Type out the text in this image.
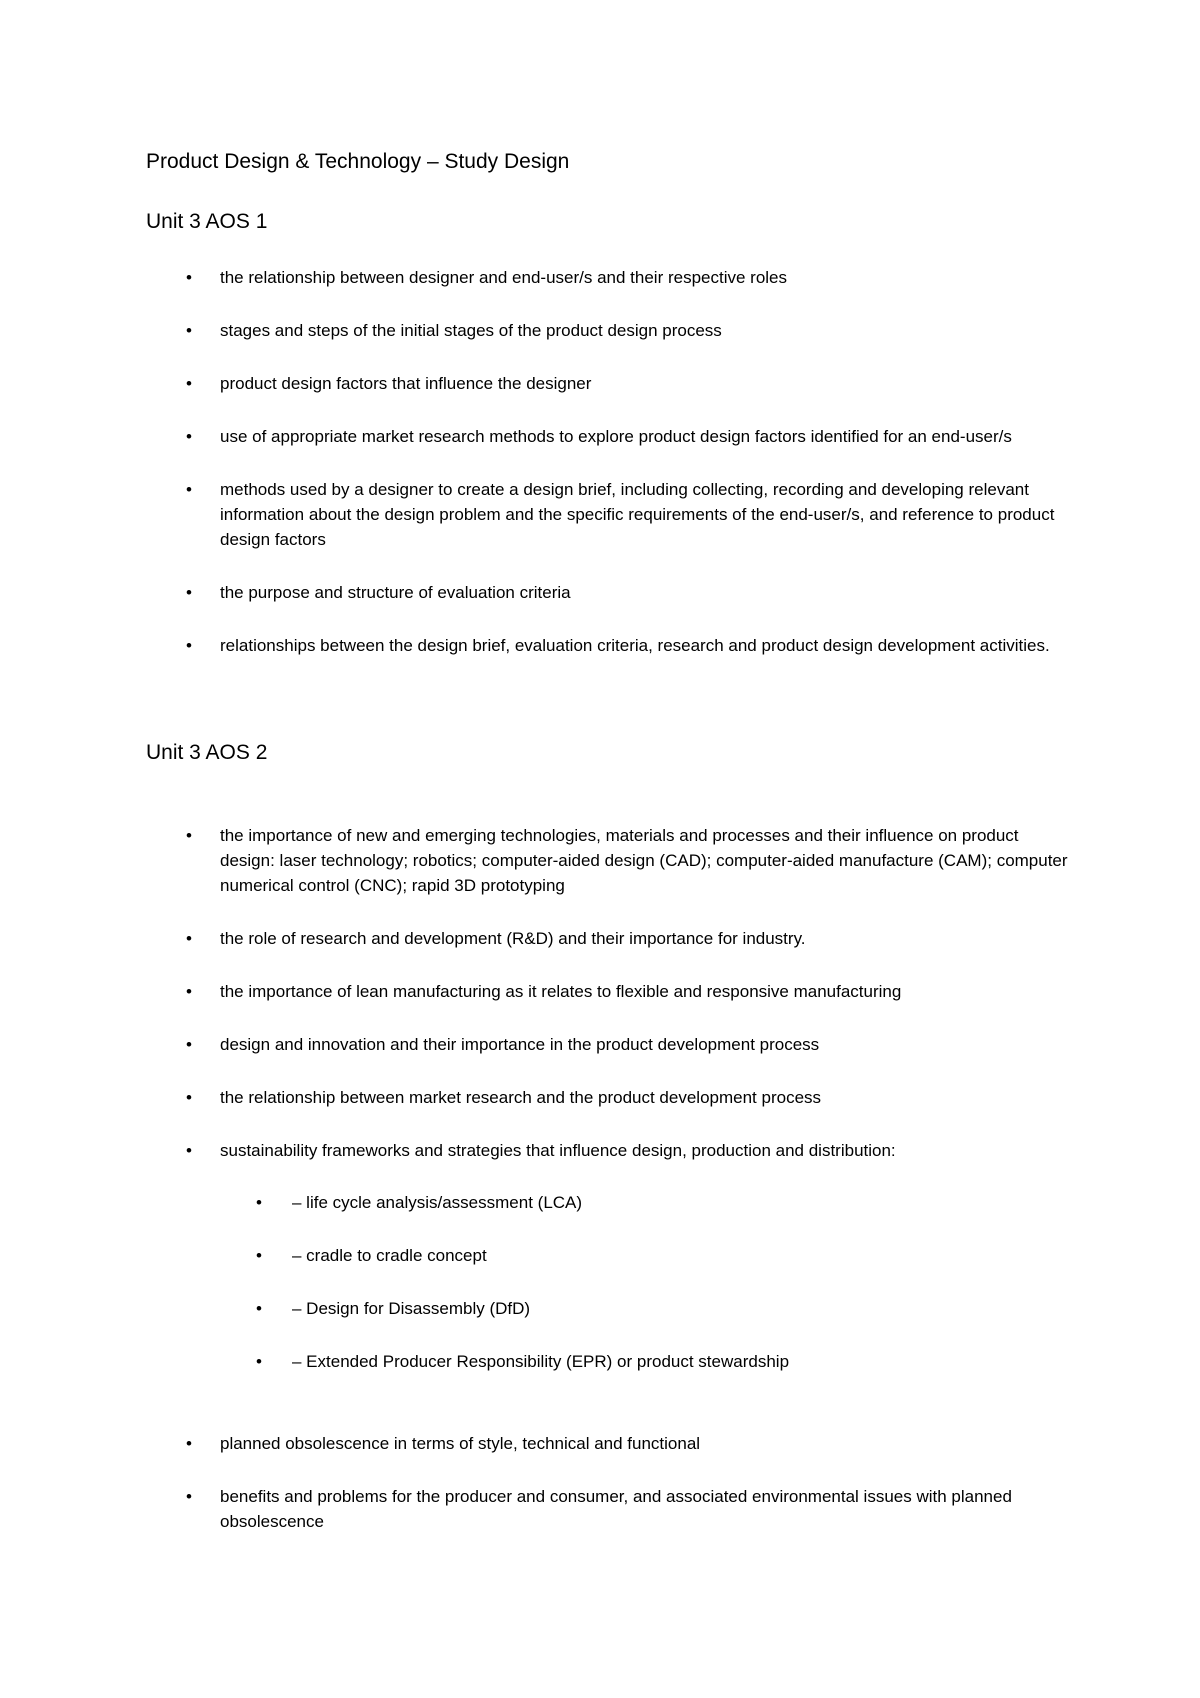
Product Design & Technology – Study Design
Unit 3 AOS 1
• the relationship between designer and end-user/s and their respective roles
• stages and steps of the initial stages of the product design process
• product design factors that influence the designer
• use of appropriate market research methods to explore product design factors identified for an end-user/s
• methods used by a designer to create a design brief, including collecting, recording and developing relevant information about the design problem and the specific requirements of the end-user/s, and reference to product design factors
• the purpose and structure of evaluation criteria
• relationships between the design brief, evaluation criteria, research and product design development activities.
Unit 3 AOS 2
• the importance of new and emerging technologies, materials and processes and their influence on product design: laser technology; robotics; computer-aided design (CAD); computer-aided manufacture (CAM); computer numerical control (CNC); rapid 3D prototyping
• the role of research and development (R&D) and their importance for industry.
• the importance of lean manufacturing as it relates to flexible and responsive manufacturing
• design and innovation and their importance in the product development process
• the relationship between market research and the product development process
• sustainability frameworks and strategies that influence design, production and distribution:
• – life cycle analysis/assessment (LCA)
• – cradle to cradle concept
• – Design for Disassembly (DfD)
• – Extended Producer Responsibility (EPR) or product stewardship
• planned obsolescence in terms of style, technical and functional
• benefits and problems for the producer and consumer, and associated environmental issues with planned obsolescence
